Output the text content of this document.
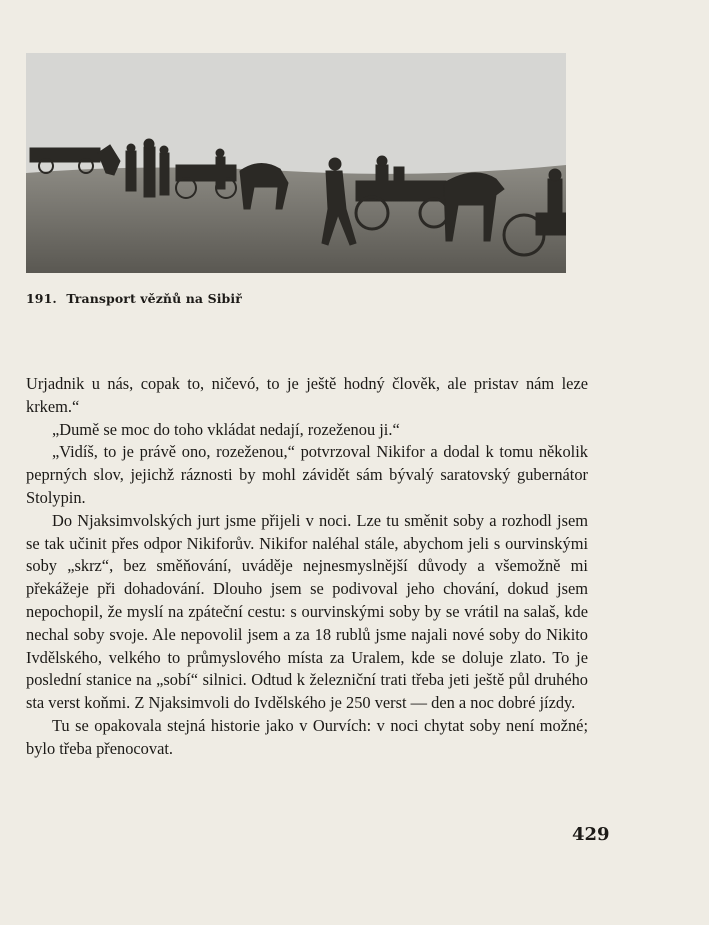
191. Transport vězňů na Sibiř

Urjadnik u nás, copak to, ničevó, to je ještě hodný člověk, ale pristav nám leze krkem.“

„Dumě se moc do toho vkládat nedají, rozeženou ji.“

„Vidíš, to je právě ono, rozeženou,“ potvrzoval Nikifor a dodal k tomu několik peprných slov, jejichž ráznosti by mohl závidět sám bývalý saratovský gubernátor Stolypin.

Do Njaksimvolských jurt jsme přijeli v noci. Lze tu směnit soby a rozhodl jsem se tak učinit přes odpor Nikiforův. Nikifor naléhal stále, abychom jeli s ourvinskými soby „skrz“, bez směňování, uváděje nejnesmyslnější důvody a všemožně mi překážeje při dohadování. Dlouho jsem se podivoval jeho chování, dokud jsem nepochopil, že myslí na zpáteční cestu: s ourvinskými soby by se vrátil na salaš, kde nechal soby svoje. Ale nepovolil jsem a za 18 rublů jsme najali nové soby do Nikito Ivdělského, velkého to průmyslového místa za Uralem, kde se doluje zlato. To je poslední stanice na „sobí“ silnici. Odtud k železniční trati třeba jeti ještě půl druhého sta verst koňmi. Z Njaksimvoli do Ivdělského je 250 verst — den a noc dobré jízdy.

Tu se opakovala stejná historie jako v Ourvích: v noci chytat soby není možné; bylo třeba přenocovat.

429
